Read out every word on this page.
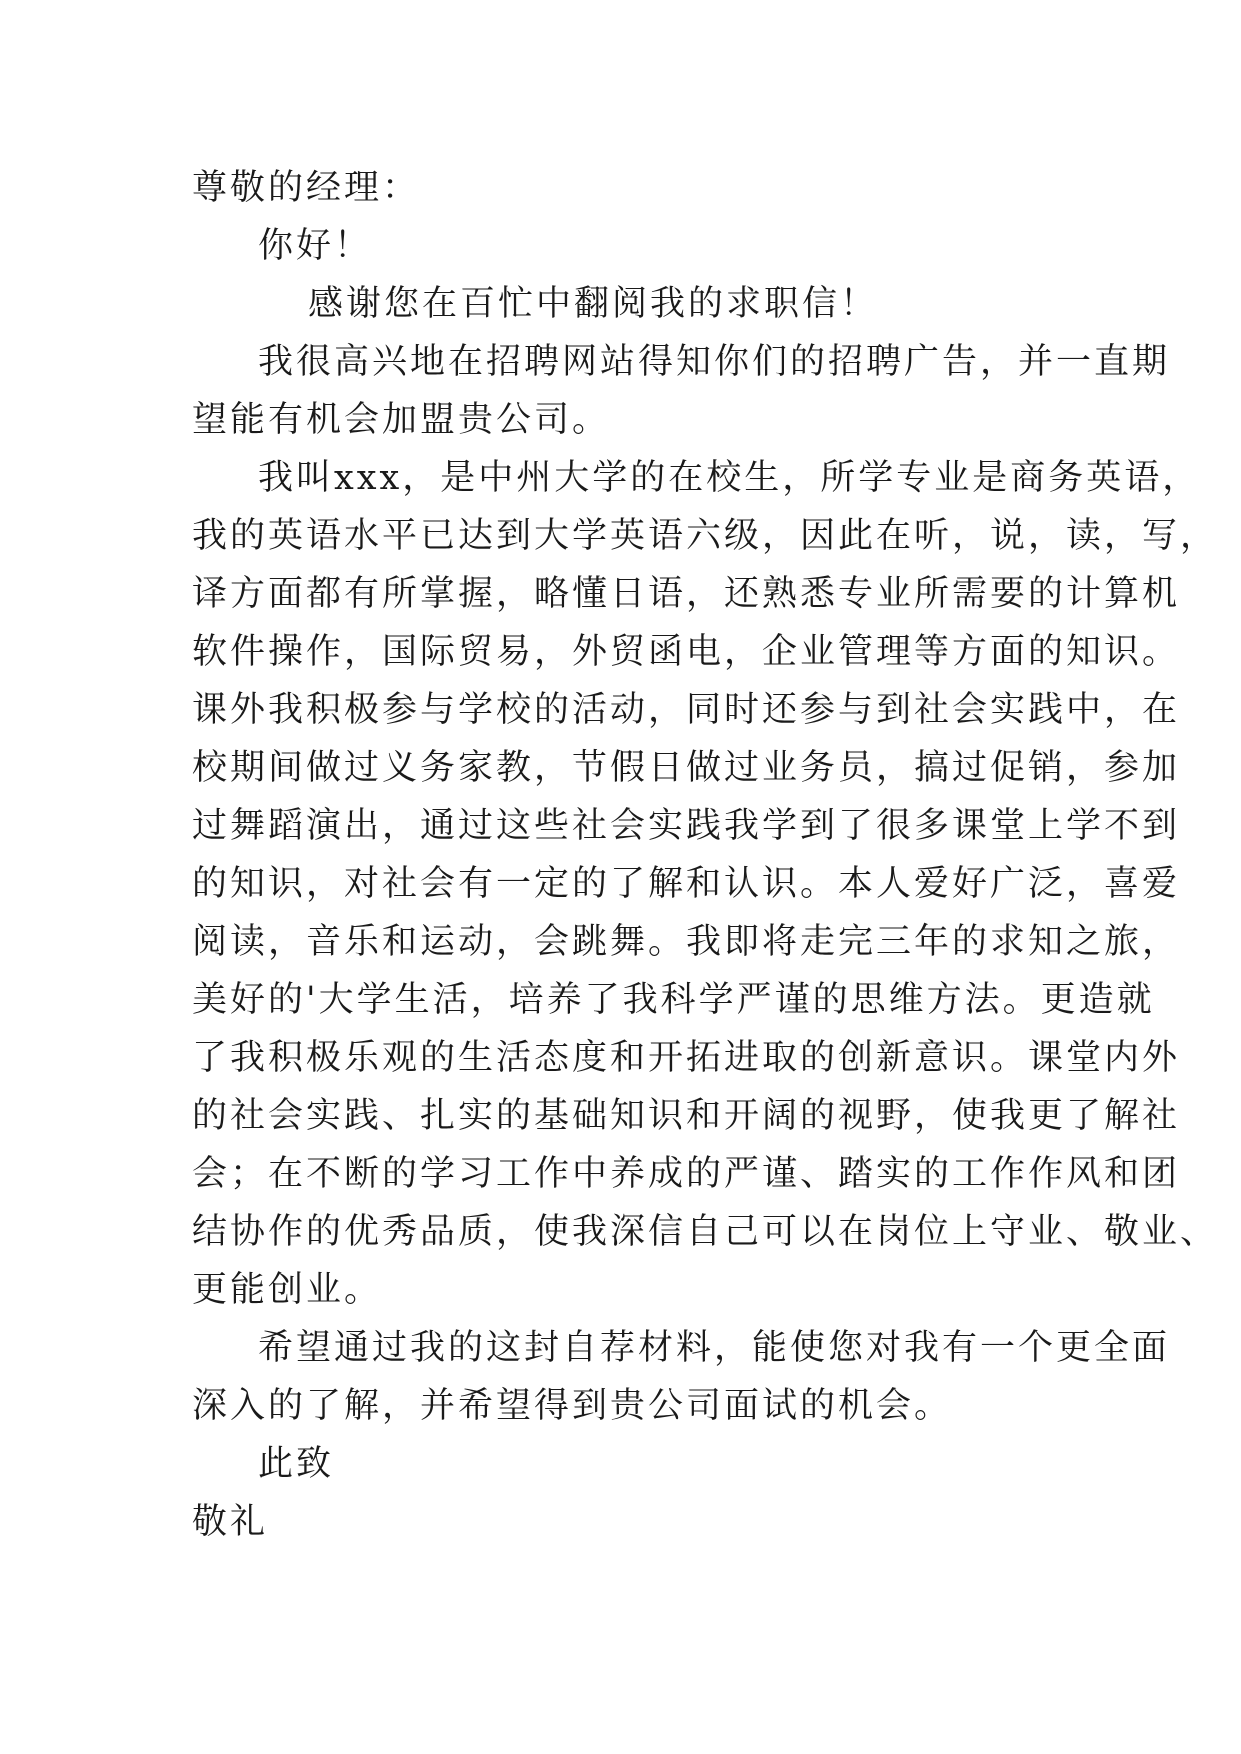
尊敬的经理：
你好！
感谢您在百忙中翻阅我的求职信！
我很高兴地在招聘网站得知你们的招聘广告，并一直期
望能有机会加盟贵公司。
我叫xxx，是中州大学的在校生，所学专业是商务英语，
我的英语水平已达到大学英语六级，因此在听，说，读，写，
译方面都有所掌握，略懂日语，还熟悉专业所需要的计算机
软件操作，国际贸易，外贸函电，企业管理等方面的知识。
课外我积极参与学校的活动，同时还参与到社会实践中，在
校期间做过义务家教，节假日做过业务员，搞过促销，参加
过舞蹈演出，通过这些社会实践我学到了很多课堂上学不到
的知识，对社会有一定的了解和认识。本人爱好广泛，喜爱
阅读，音乐和运动，会跳舞。我即将走完三年的求知之旅，
美好的'大学生活，培养了我科学严谨的思维方法。更造就
了我积极乐观的生活态度和开拓进取的创新意识。课堂内外
的社会实践、扎实的基础知识和开阔的视野，使我更了解社
会；在不断的学习工作中养成的严谨、踏实的工作作风和团
结协作的优秀品质，使我深信自己可以在岗位上守业、敬业、
更能创业。
希望通过我的这封自荐材料，能使您对我有一个更全面
深入的了解，并希望得到贵公司面试的机会。
此致
敬礼
